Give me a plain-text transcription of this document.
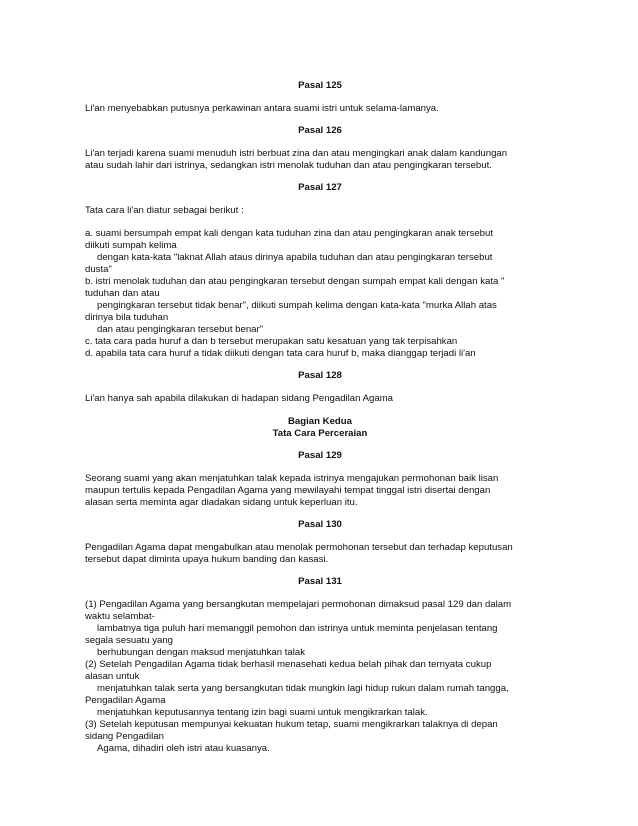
Pasal 125

Li'an menyebabkan putusnya perkawinan antara suami istri untuk selama-lamanya.

Pasal 126

Li'an terjadi karena suami menuduh istri berbuat zina dan atau mengingkari anak dalam kandungan
atau sudah lahir dari istrinya, sedangkan istri menolak tuduhan dan atau pengingkaran tersebut.

Pasal 127

Tata cara li'an diatur sebagai berikut :

a. suami bersumpah empat kali dengan kata tuduhan zina dan atau pengingkaran anak tersebut
diikuti sumpah kelima
dengan kata-kata "laknat Allah ataus dirinya apabila tuduhan dan atau pengingkaran tersebut
dusta"
b. istri menolak tuduhan dan atau pengingkaran tersebut dengan sumpah empat kali dengan kata "
tuduhan dan atau
pengingkaran tersebut tidak benar", diikuti sumpah kelima dengan kata-kata "murka Allah atas
dirinya bila tuduhan
dan atau pengingkaran tersebut benar"
c. tata cara pada huruf a dan b tersebut merupakan satu kesatuan yang tak terpisahkan
d. apabila tata cara huruf a tidak diikuti dengan tata cara huruf b, maka dianggap terjadi li'an

Pasal 128

Li'an hanya sah apabila dilakukan di hadapan sidang Pengadilan Agama

Bagian Kedua

Tata Cara Perceraian

Pasal 129

Seorang suami yang akan menjatuhkan talak kepada istrinya mengajukan permohonan baik lisan
maupun tertulis kepada Pengadilan Agama yang mewilayahi tempat tinggal istri disertai dengan
alasan serta meminta agar diadakan sidang untuk keperluan itu.

Pasal 130

Pengadilan Agama dapat mengabulkan atau menolak permohonan tersebut dan terhadap keputusan
tersebut dapat diminta upaya hukum banding dan kasasi.

Pasal 131

(1) Pengadilan Agama yang bersangkutan mempelajari permohonan dimaksud pasal 129 dan dalam
waktu selambat-
lambatnya tiga puluh hari memanggil pemohon dan istrinya untuk meminta penjelasan tentang
segala sesuatu yang
berhubungan dengan maksud menjatuhkan talak
(2) Setelah Pengadilan Agama tidak berhasil menasehati kedua belah pihak dan ternyata cukup
alasan untuk
menjatuhkan talak serta yang bersangkutan tidak mungkin lagi hidup rukun dalam rumah tangga,
Pengadilan Agama
menjatuhkan keputusannya tentang izin bagi suami untuk mengikrarkan talak.
(3) Setelah keputusan mempunyai kekuatan hukum tetap, suami mengikrarkan talaknya di depan
sidang Pengadilan
Agama, dihadiri oleh istri atau kuasanya.
